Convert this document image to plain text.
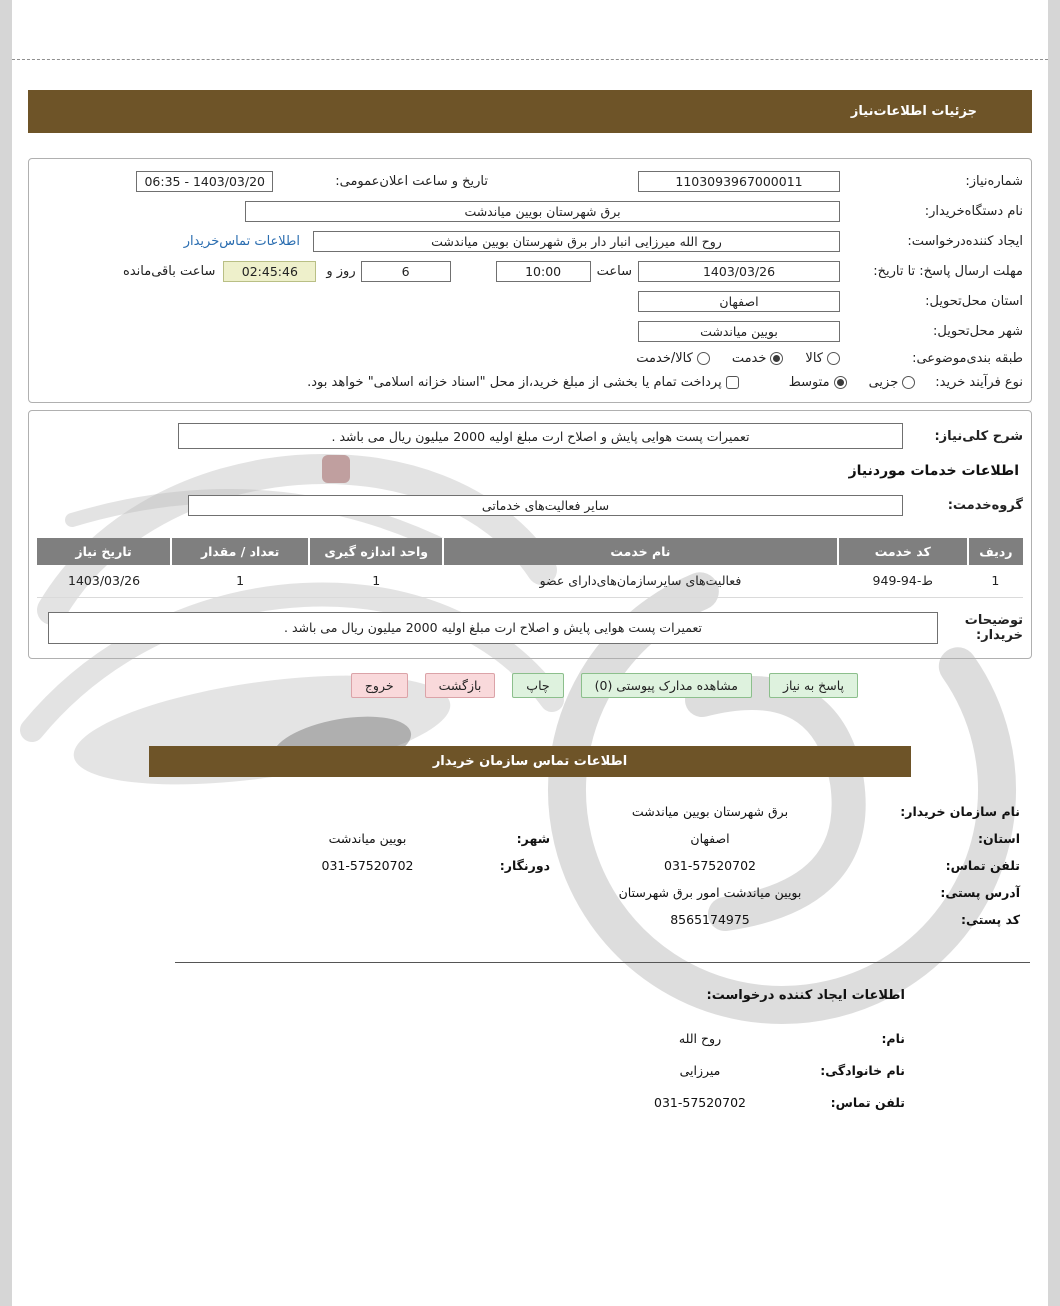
جزئیات اطلاعات‌نیاز
شماره‌نیاز:
1103093967000011
تاریخ و ساعت اعلان‌عمومی:
06:35 - 1403/03/20
نام دستگاه‌خریدار:
برق شهرستان بویین میاندشت
ایجاد کننده‌درخواست:
روح الله میرزایی انبار دار برق شهرستان بویین میاندشت
اطلاعات تماس‌خریدار
مهلت ارسال پاسخ: تا تاریخ:
1403/03/26
ساعت
10:00
6
روز و
02:45:46
ساعت باقی‌مانده
استان محل‌تحویل:
اصفهان
شهر محل‌تحویل:
بویین میاندشت
طبقه بندی‌موضوعی:
کالا
خدمت
کالا/خدمت
نوع فرآیند خرید:
جزیی
متوسط
پرداخت تمام یا بخشی از مبلغ خرید،از محل "اسناد خزانه اسلامی" خواهد بود.
شرح کلی‌نیاز:
تعمیرات پست هوایی پایش و اصلاح ارت مبلغ اولیه 2000 میلیون ریال می باشد .
اطلاعات خدمات موردنیاز
گروه‌خدمت:
سایر فعالیت‌های خدماتی
ردیف	کد خدمت	نام خدمت	واحد اندازه گیری	تعداد / مقدار	تاریخ نیاز
1	ط-94-949	فعالیت‌های سایرسازمان‌های‌دارای عضو	1	1	1403/03/26
توضیحات خریدار:
تعمیرات پست هوایی پایش و اصلاح ارت مبلغ اولیه 2000 میلیون ریال می باشد .
پاسخ به نیاز
مشاهده مدارک پیوستی (0)
چاپ
بازگشت
خروج
اطلاعات تماس سازمان خریدار
نام سازمان خریدار:
برق شهرستان بویین میاندشت
استان:
اصفهان
شهر:
بویین میاندشت
تلفن تماس:
031-57520702
دورنگار:
031-57520702
آدرس پستی:
بویین میاندشت امور برق شهرستان
کد پستی:
8565174975
اطلاعات ایجاد کننده درخواست:
نام:
روح الله
نام خانوادگی:
میرزایی
تلفن تماس:
031-57520702
